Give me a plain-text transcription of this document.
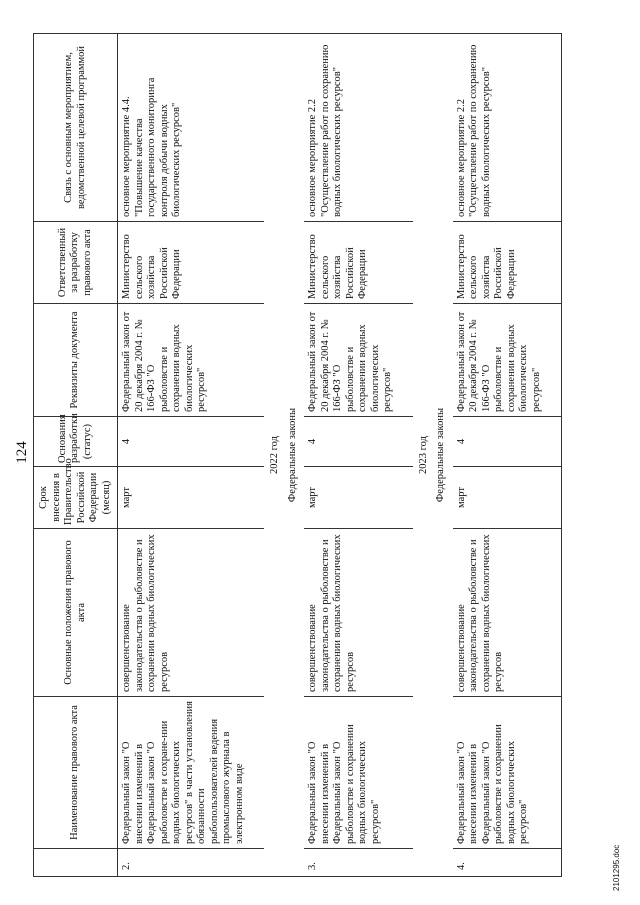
124
	Наименование правового акта	Основные положения правового акта	Срок внесения в Правительство Российской Федерации (месяц)	Основания разработки (статус)	Реквизиты документа	Ответственный за разработку правового акта	Связь с основным мероприятием, ведомственной целевой программой
2.	Федеральный закон "О внесении изменений в Федеральный закон "О рыболовстве и сохране-нии водных биологических ресурсов" в части установления обязанности рыбопользователей ведения промыслового журнала в электронном виде	совершенствование законодательства о рыболовстве и сохранении водных биологических ресурсов	март	4	Федеральный закон от 20 декабря 2004 г. № 166-ФЗ "О рыболовстве и сохранении водных биологических ресурсов"	Министерство сельского хозяйства Российской Федерации	основное мероприятие 4.4. "Повышение качества государственного мониторинга контроля добычи водных биологических ресурсов"
2022 год							
Федеральные законы							
3.	Федеральный закон "О внесении изменений в Федеральный закон "О рыболовстве и сохранении водных биологических ресурсов"	совершенствование законодательства о рыболовстве и сохранении водных биологических ресурсов	март	4	Федеральный закон от 20 декабря 2004 г. № 166-ФЗ "О рыболовстве и сохранении водных биологических ресурсов"	Министерство сельского хозяйства Российской Федерации	основное мероприятие 2.2 "Осуществление работ по сохранению водных биологических ресурсов"
2023 год							
Федеральные законы							
4.	Федеральный закон "О внесении изменений в Федеральный закон "О рыболовстве и сохранении водных биологических ресурсов"	совершенствование законодательства о рыболовстве и сохранении водных биологических ресурсов	март	4	Федеральный закон от 20 декабря 2004 г. № 166-ФЗ "О рыболовстве и сохранении водных биологических ресурсов"	Министерство сельского хозяйства Российской Федерации	основное мероприятие 2.2 "Осуществление работ по сохранению водных биологических ресурсов"
2101295.doc
